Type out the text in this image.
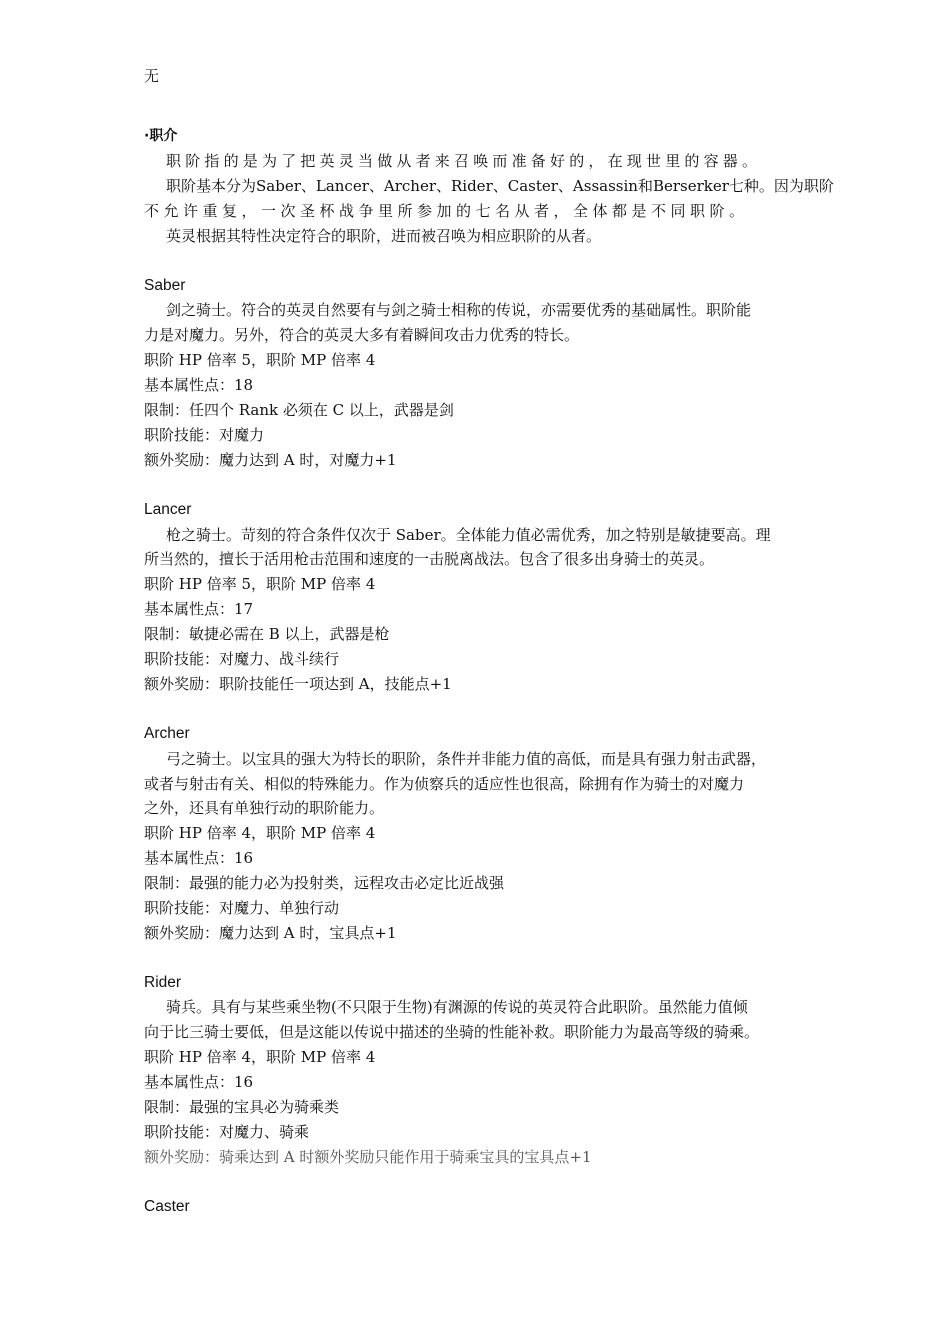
无
·职介
职阶指的是为了把英灵当做从者来召唤而准备好的，在现世里的容器。
职阶基本分为Saber、Lancer、Archer、Rider、Caster、Assassin和Berserker七种。因为职阶
不允许重复，一次圣杯战争里所参加的七名从者，全体都是不同职阶。
英灵根据其特性决定符合的职阶，进而被召唤为相应职阶的从者。
Saber
剑之骑士。符合的英灵自然要有与剑之骑士相称的传说，亦需要优秀的基础属性。职阶能
力是对魔力。另外，符合的英灵大多有着瞬间攻击力优秀的特长。
职阶 HP 倍率 5，职阶 MP 倍率 4
基本属性点：18
限制：任四个 Rank 必须在 C 以上，武器是剑
职阶技能：对魔力
额外奖励：魔力达到 A 时，对魔力+1
Lancer
枪之骑士。苛刻的符合条件仅次于 Saber。全体能力值必需优秀，加之特别是敏捷要高。理
所当然的，擅长于活用枪击范围和速度的一击脱离战法。包含了很多出身骑士的英灵。
职阶 HP 倍率 5，职阶 MP 倍率 4
基本属性点：17
限制：敏捷必需在 B 以上，武器是枪
职阶技能：对魔力、战斗续行
额外奖励：职阶技能任一项达到 A，技能点+1
Archer
弓之骑士。以宝具的强大为特长的职阶，条件并非能力值的高低，而是具有强力射击武器，
或者与射击有关、相似的特殊能力。作为侦察兵的适应性也很高，除拥有作为骑士的对魔力
之外，还具有单独行动的职阶能力。
职阶 HP 倍率 4，职阶 MP 倍率 4
基本属性点：16
限制：最强的能力必为投射类，远程攻击必定比近战强
职阶技能：对魔力、单独行动
额外奖励：魔力达到 A 时，宝具点+1
Rider
骑兵。具有与某些乘坐物(不只限于生物)有渊源的传说的英灵符合此职阶。虽然能力值倾
向于比三骑士要低，但是这能以传说中描述的坐骑的性能补救。职阶能力为最高等级的骑乘。
职阶 HP 倍率 4，职阶 MP 倍率 4
基本属性点：16
限制：最强的宝具必为骑乘类
职阶技能：对魔力、骑乘
额外奖励：骑乘达到 A 时额外奖励只能作用于骑乘宝具的宝具点+1
Caster
